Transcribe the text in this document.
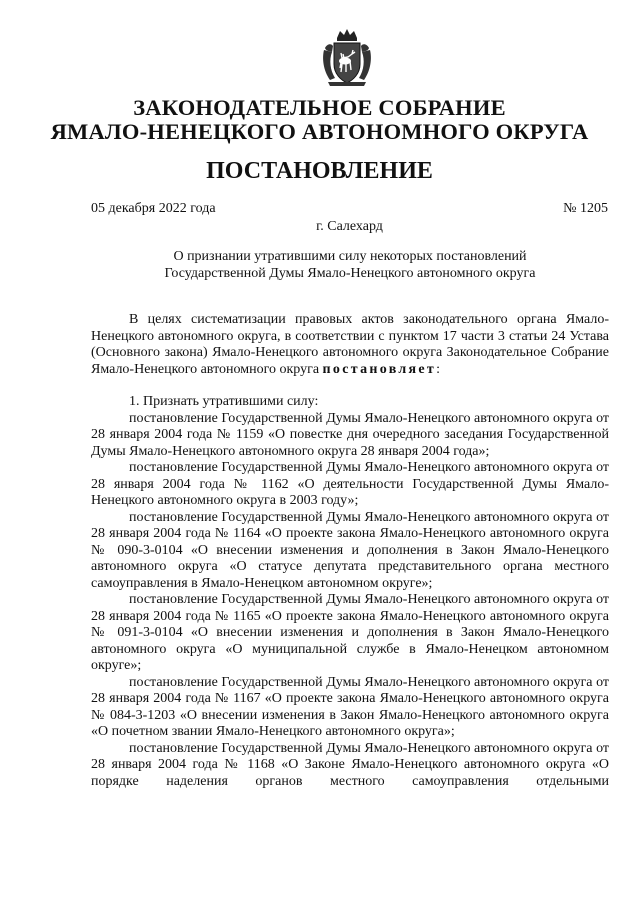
ЗАКОНОДАТЕЛЬНОЕ СОБРАНИЕ
ЯМАЛО-НЕНЕЦКОГО АВТОНОМНОГО ОКРУГА
ПОСТАНОВЛЕНИЕ
05 декабря 2022 года	№ 1205
г. Салехард
О признании утратившими силу некоторых постановлений
Государственной Думы Ямало-Ненецкого автономного округа

В целях систематизации правовых актов законодательного органа Ямало-Ненецкого автономного округа, в соответствии с пунктом 17 части 3 статьи 24 Устава (Основного закона) Ямало-Ненецкого автономного округа Законодательное Собрание Ямало-Ненецкого автономного округа постановляет:

1. Признать утратившими силу:

постановление Государственной Думы Ямало-Ненецкого автономного округа от 28 января 2004 года № 1159 «О повестке дня очередного заседания Государственной Думы Ямало-Ненецкого автономного округа 28 января 2004 года»;

постановление Государственной Думы Ямало-Ненецкого автономного округа от 28 января 2004 года № 1162 «О деятельности Государственной Думы Ямало-Ненецкого автономного округа в 2003 году»;

постановление Государственной Думы Ямало-Ненецкого автономного округа от 28 января 2004 года № 1164 «О проекте закона Ямало-Ненецкого автономного округа № 090-3-0104 «О внесении изменения и дополнения в Закон Ямало-Ненецкого автономного округа «О статусе депутата представительного органа местного самоуправления в Ямало-Ненецком автономном округе»;

постановление Государственной Думы Ямало-Ненецкого автономного округа от 28 января 2004 года № 1165 «О проекте закона Ямало-Ненецкого автономного округа № 091-3-0104 «О внесении изменения и дополнения в Закон Ямало-Ненецкого автономного округа «О муниципальной службе в Ямало-Ненецком автономном округе»;

постановление Государственной Думы Ямало-Ненецкого автономного округа от 28 января 2004 года № 1167 «О проекте закона Ямало-Ненецкого автономного округа № 084-3-1203 «О внесении изменения в Закон Ямало-Ненецкого автономного округа «О почетном звании Ямало-Ненецкого автономного округа»;

постановление Государственной Думы Ямало-Ненецкого автономного округа от 28 января 2004 года № 1168 «О Законе Ямало-Ненецкого автономного округа «О порядке наделения органов местного самоуправления отдельными
